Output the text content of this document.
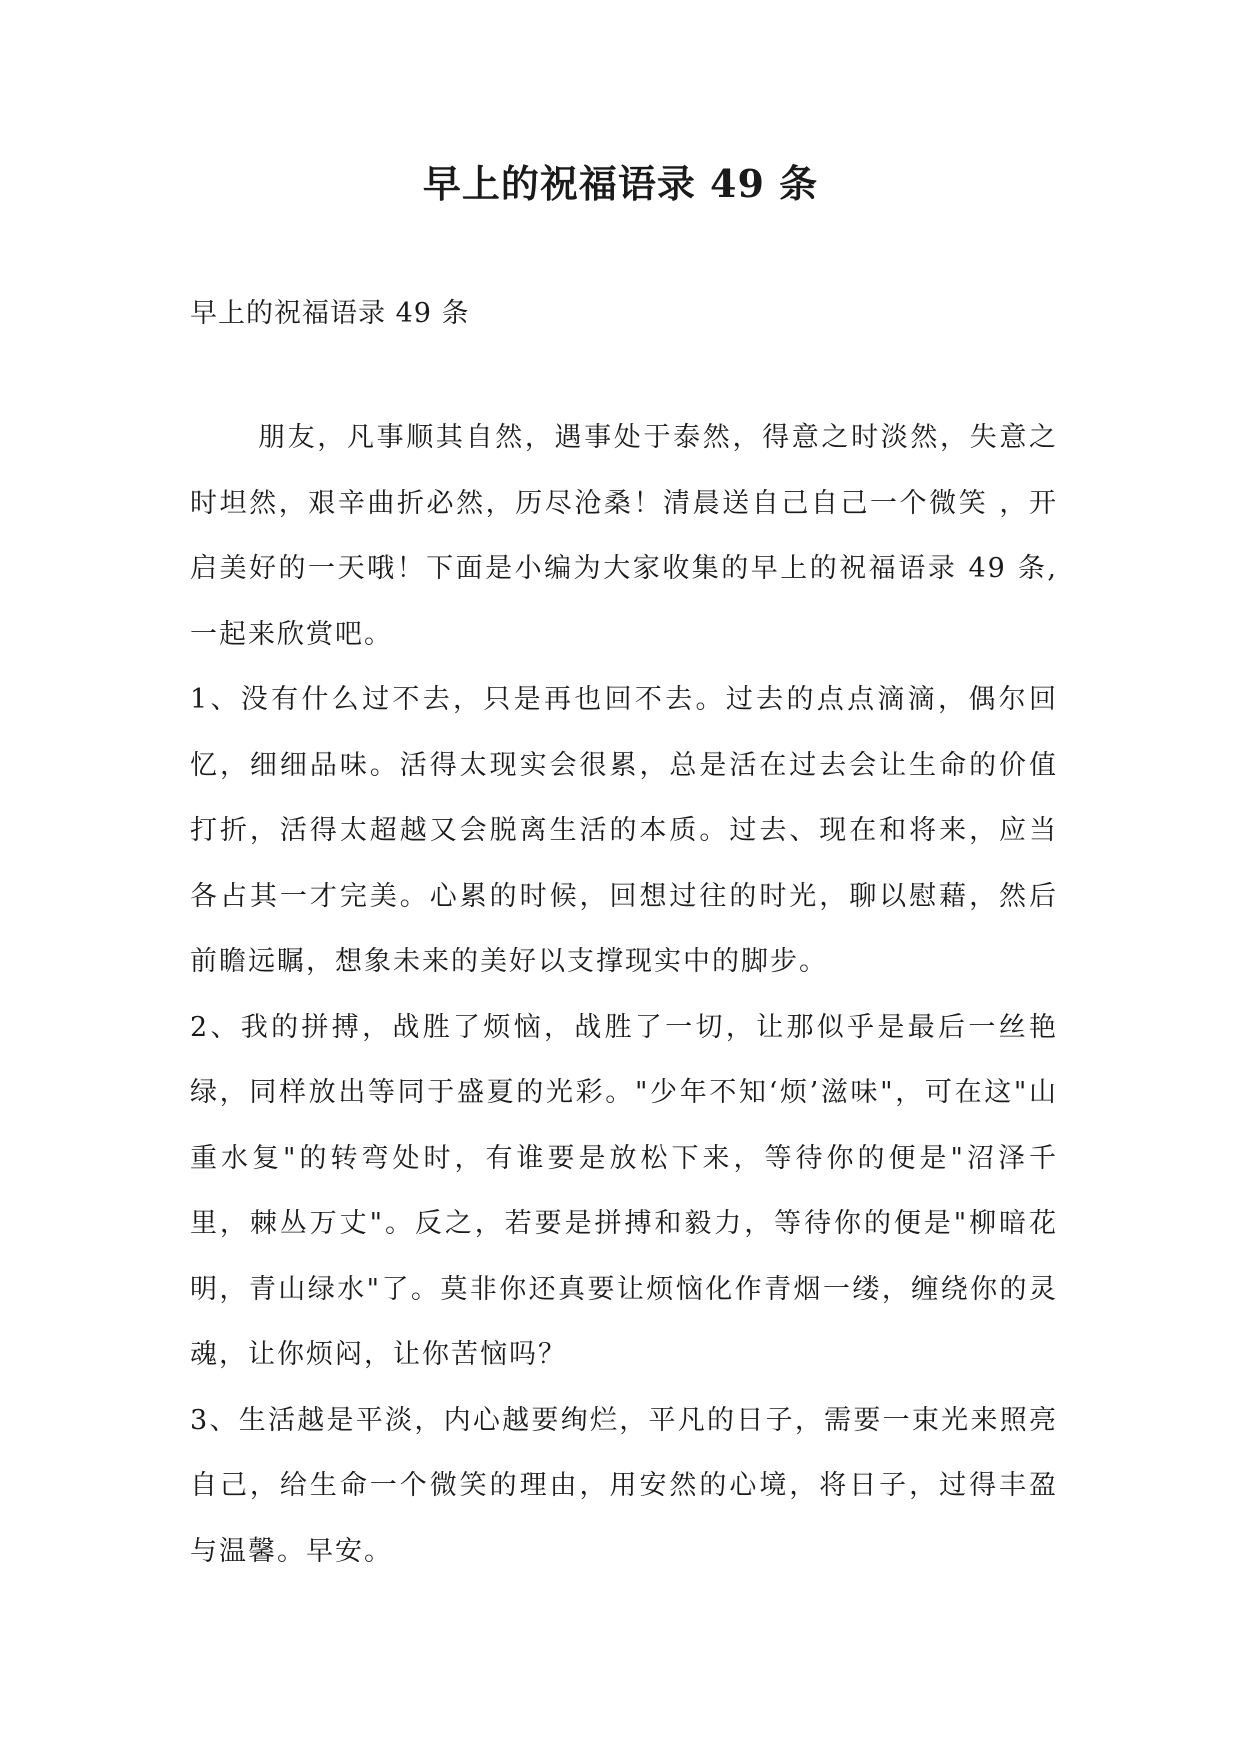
早上的祝福语录 49 条

早上的祝福语录 49 条

朋友，凡事顺其自然，遇事处于泰然，得意之时淡然，失意之时坦然，艰辛曲折必然，历尽沧桑！清晨送自己自己一个微笑 ，开启美好的一天哦！下面是小编为大家收集的早上的祝福语录 49 条,一起来欣赏吧。

1、没有什么过不去，只是再也回不去。过去的点点滴滴，偶尔回忆，细细品味。活得太现实会很累，总是活在过去会让生命的价值打折，活得太超越又会脱离生活的本质。过去、现在和将来，应当各占其一才完美。心累的时候，回想过往的时光，聊以慰藉，然后前瞻远瞩，想象未来的美好以支撑现实中的脚步。

2、我的拼搏，战胜了烦恼，战胜了一切，让那似乎是最后一丝艳绿，同样放出等同于盛夏的光彩。"少年不知‘烦’滋味"，可在这"山重水复"的转弯处时，有谁要是放松下来，等待你的便是"沼泽千里，棘丛万丈"。反之，若要是拼搏和毅力，等待你的便是"柳暗花明，青山绿水"了。莫非你还真要让烦恼化作青烟一缕，缠绕你的灵魂，让你烦闷，让你苦恼吗？

3、生活越是平淡，内心越要绚烂，平凡的日子，需要一束光来照亮自己，给生命一个微笑的理由，用安然的心境，将日子，过得丰盈与温馨。早安。
